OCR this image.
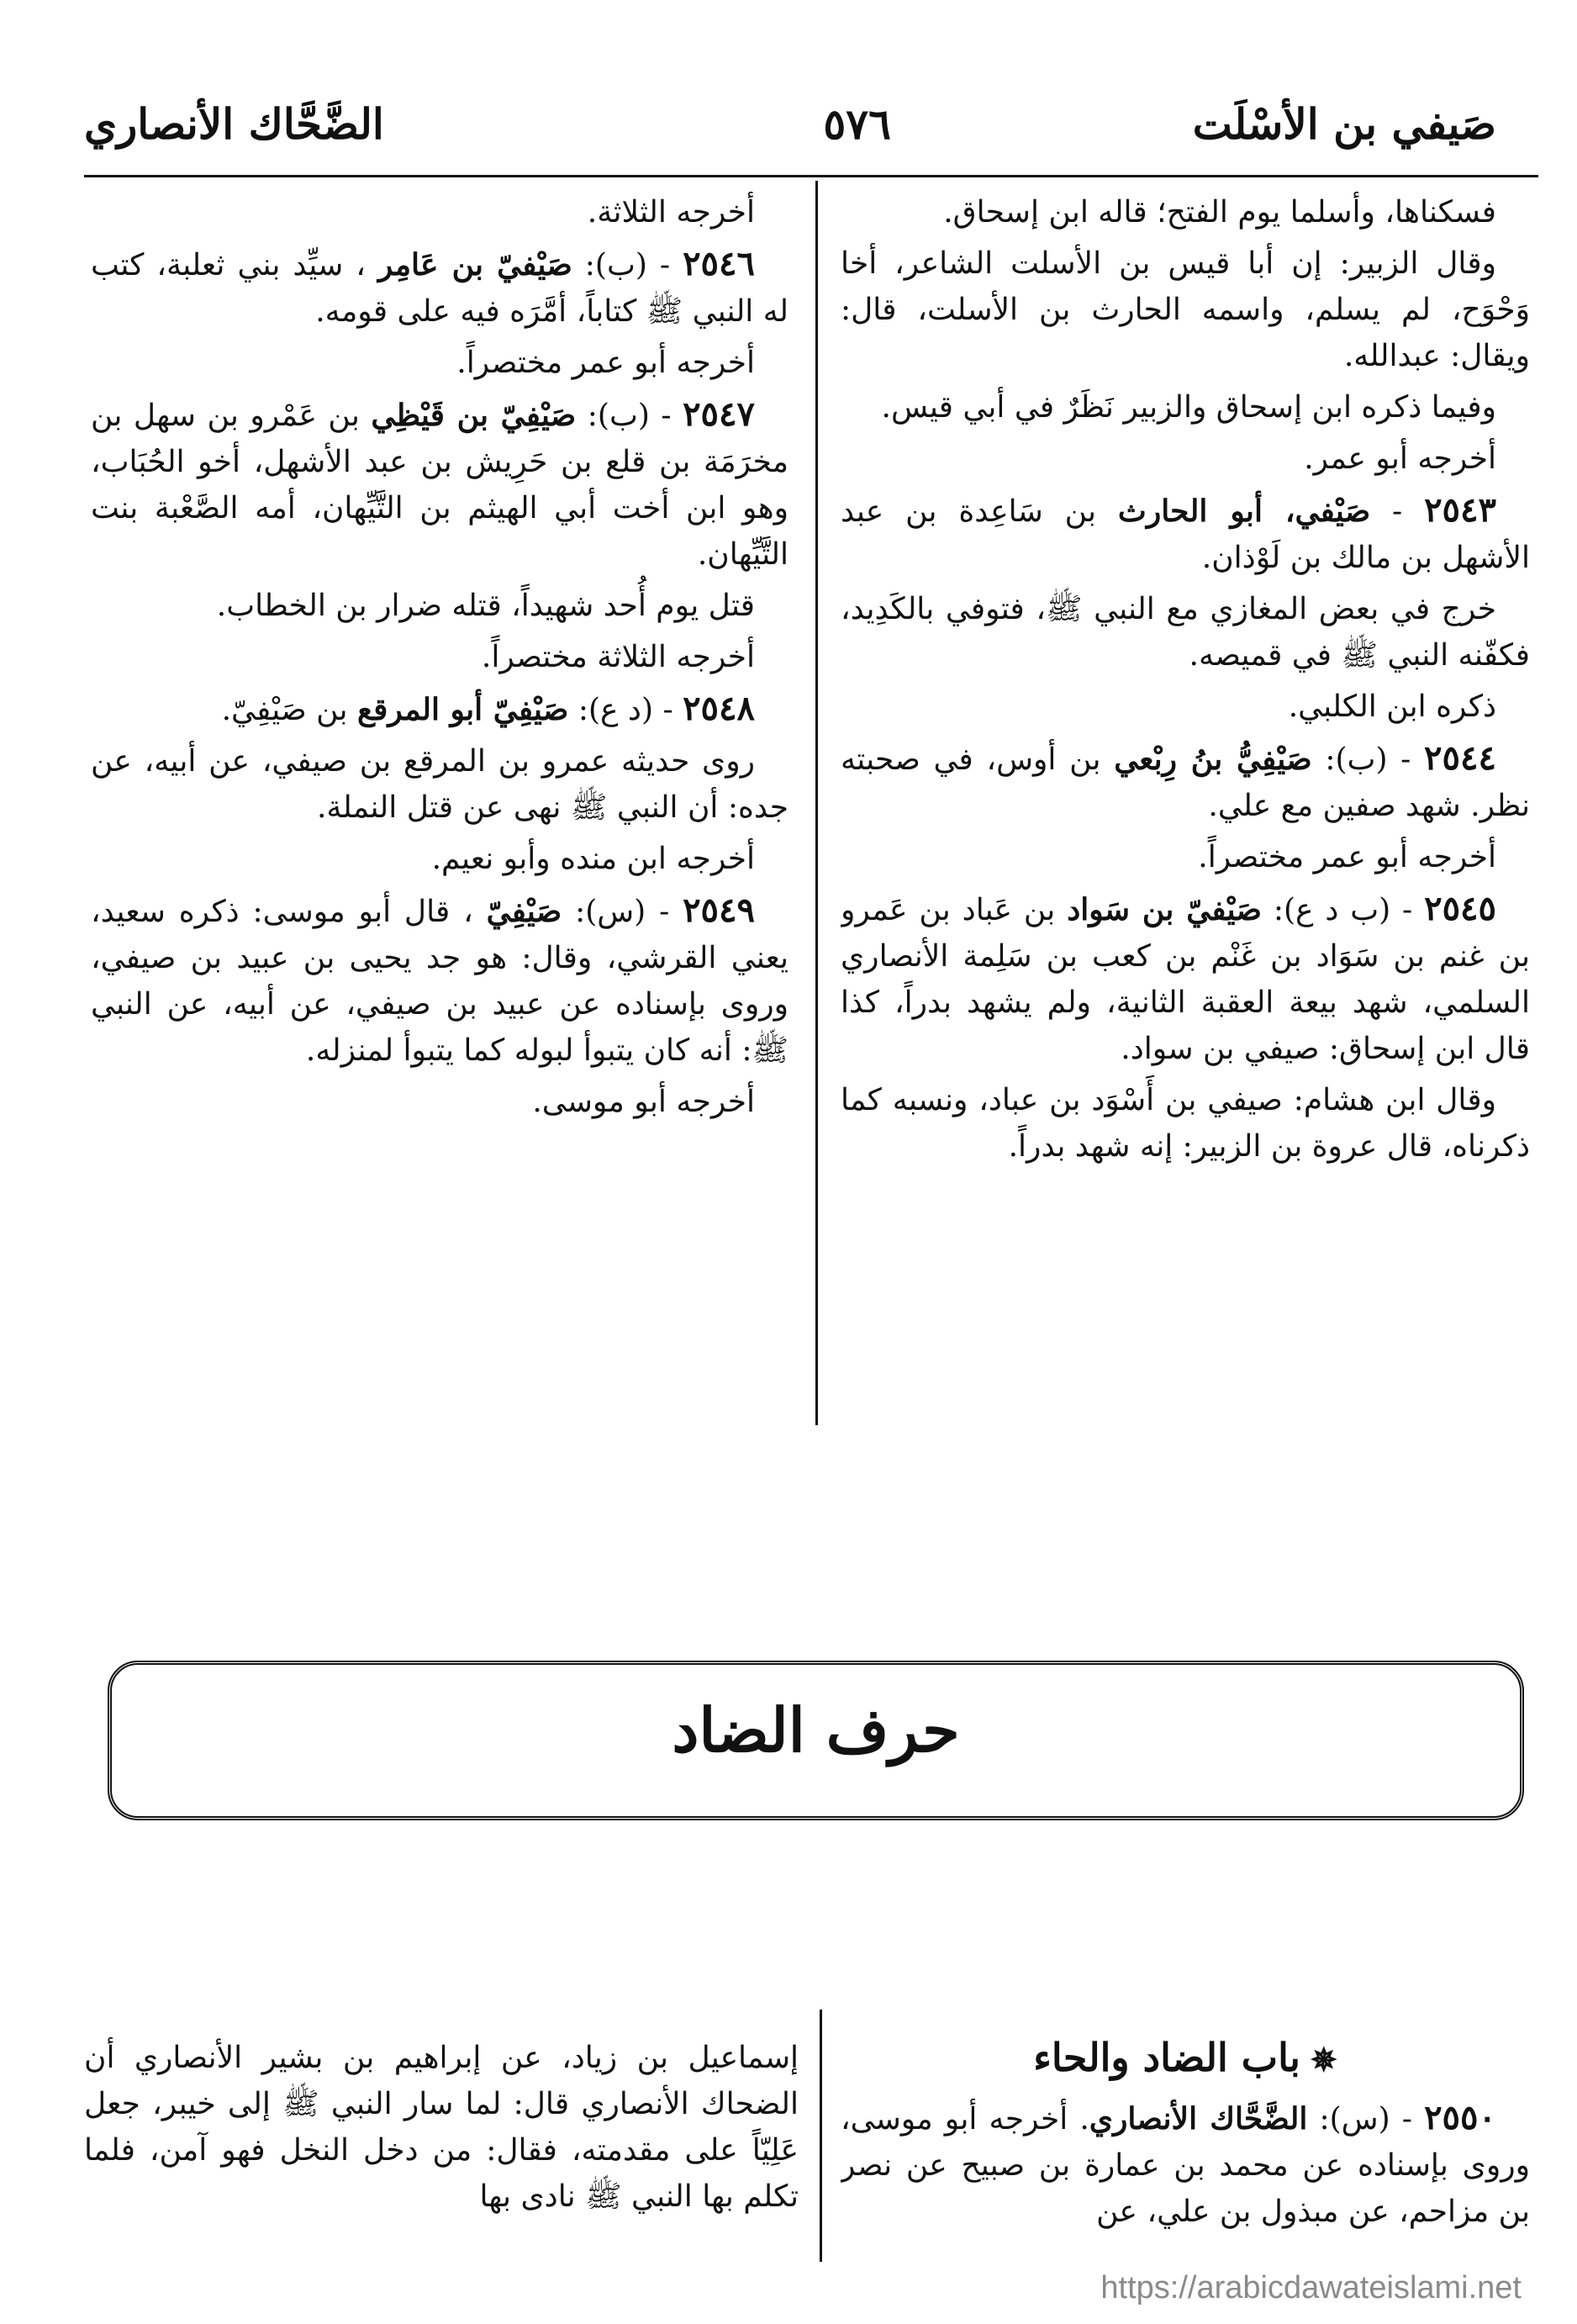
صَيفي بن الأسْلَت
٥٧٦
الضَّحَّاك الأنصاري

فسكناها، وأسلما يوم الفتح؛ قاله ابن إسحاق.

وقال الزبير: إن أبا قيس بن الأسلت الشاعر، أخا وَحْوَح، لم يسلم، واسمه الحارث بن الأسلت، قال: ويقال: عبدالله.

وفيما ذكره ابن إسحاق والزبير نَظَرٌ في أبي قيس.

أخرجه أبو عمر.

٢٥٤٣ - صَيْفي، أبو الحارث بن سَاعِدة بن عبد الأشهل بن مالك بن لَوْذان.

خرج في بعض المغازي مع النبي ﷺ، فتوفي بالكَدِيد، فكفّنه النبي ﷺ في قميصه.

ذكره ابن الكلبي.

٢٥٤٤ - (ب): صَيْفِيُّ بنُ رِبْعي بن أوس، في صحبته نظر. شهد صفين مع علي.

أخرجه أبو عمر مختصراً.

٢٥٤٥ - (ب د ع): صَيْفيّ بن سَواد بن عَباد بن عَمرو بن غنم بن سَوَاد بن غَنْم بن كعب بن سَلِمة الأنصاري السلمي، شهد بيعة العقبة الثانية، ولم يشهد بدراً، كذا قال ابن إسحاق: صيفي بن سواد.

وقال ابن هشام: صيفي بن أَسْوَد بن عباد، ونسبه كما ذكرناه، قال عروة بن الزبير: إنه شهد بدراً.

أخرجه الثلاثة.

٢٥٤٦ - (ب): صَيْفيّ بن عَامِر ، سيِّد بني ثعلبة، كتب له النبي ﷺ كتاباً، أمَّرَه فيه على قومه.

أخرجه أبو عمر مختصراً.

٢٥٤٧ - (ب): صَيْفِيّ بن قَيْظِي بن عَمْرو بن سهل بن مخرَمَة بن قلع بن حَرِيش بن عبد الأشهل، أخو الحُبَاب، وهو ابن أخت أبي الهيثم بن التَّيِّهان، أمه الصَّعْبة بنت التَّيِّهان.

قتل يوم أُحد شهيداً، قتله ضرار بن الخطاب.

أخرجه الثلاثة مختصراً.

٢٥٤٨ - (د ع): صَيْفِيّ أبو المرقع بن صَيْفِيّ.

روى حديثه عمرو بن المرقع بن صيفي، عن أبيه، عن جده: أن النبي ﷺ نهى عن قتل النملة.

أخرجه ابن منده وأبو نعيم.

٢٥٤٩ - (س): صَيْفِيّ ، قال أبو موسى: ذكره سعيد، يعني القرشي، وقال: هو جد يحيى بن عبيد بن صيفي، وروى بإسناده عن عبيد بن صيفي، عن أبيه، عن النبي ﷺ: أنه كان يتبوأ لبوله كما يتبوأ لمنزله.

أخرجه أبو موسى.

حرف الضاد

✵باب الضاد والحاء

٢٥٥٠ - (س): الضَّحَّاك الأنصاري. أخرجه أبو موسى، وروى بإسناده عن محمد بن عمارة بن صبيح عن نصر بن مزاحم، عن مبذول بن علي، عن

إسماعيل بن زياد، عن إبراهيم بن بشير الأنصاري أن الضحاك الأنصاري قال: لما سار النبي ﷺ إلى خيبر، جعل عَلِيّاً على مقدمته، فقال: من دخل النخل فهو آمن، فلما تكلم بها النبي ﷺ نادى بها

https://arabicdawateislami.net
